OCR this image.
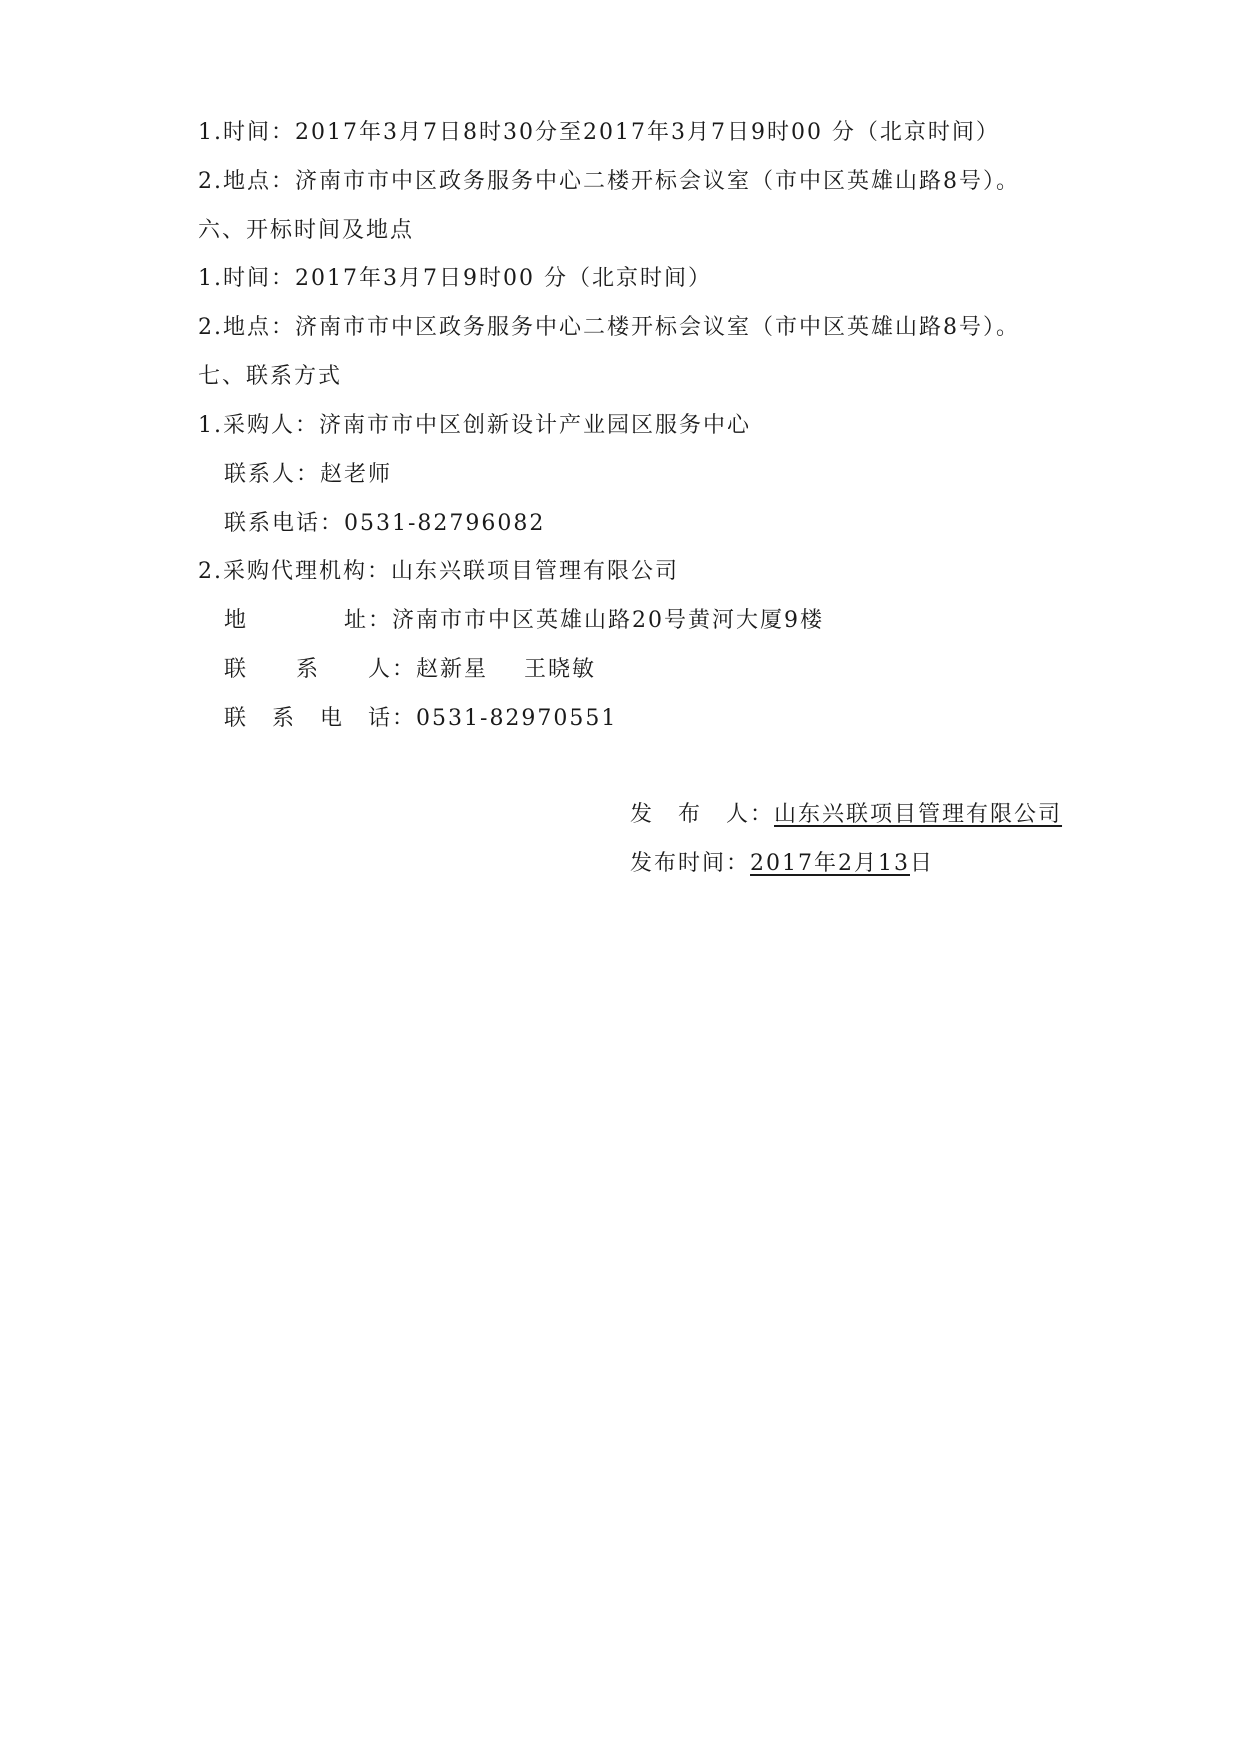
1.时间：2017年3月7日8时30分至2017年3月7日9时00 分（北京时间）
2.地点：济南市市中区政务服务中心二楼开标会议室（市中区英雄山路8号）。
六、开标时间及地点
1.时间：2017年3月7日9时00 分（北京时间）
2.地点：济南市市中区政务服务中心二楼开标会议室（市中区英雄山路8号）。
七、联系方式
1.采购人：济南市市中区创新设计产业园区服务中心
联系人：赵老师
联系电话：0531-82796082
2.采购代理机构：山东兴联项目管理有限公司
地　　　　址：济南市市中区英雄山路20号黄河大厦9楼
联　　系　　人：赵新星 王晓敏
联　系　电　话：0531-82970551
发　布　人：山东兴联项目管理有限公司
发布时间：2017年2月13日
